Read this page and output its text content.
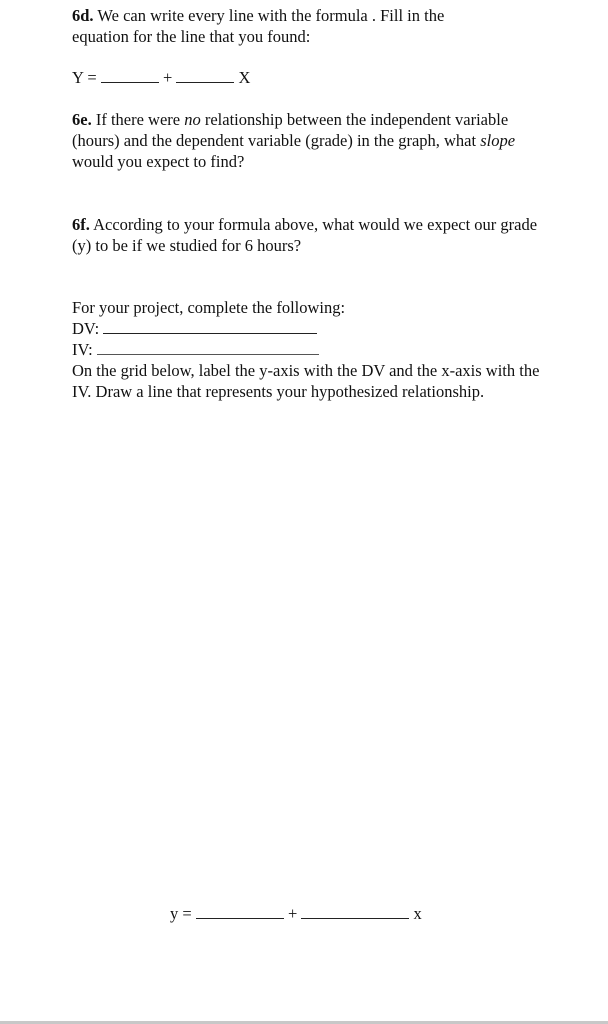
6d. We can write every line with the formula . Fill in the
equation for the line that you found:

Y =	+	X

6e. If there were no relationship between the independent variable (hours) and the dependent variable (grade) in the graph, what slope would you expect to find?

6f. According to your formula above, what would we expect our grade (y) to be if we studied for 6 hours?

For your project, complete the following:

DV:
IV:

On the grid below, label the y-axis with the DV and the x-axis with the IV. Draw a line that represents your hypothesized relationship.

y =	+	x
